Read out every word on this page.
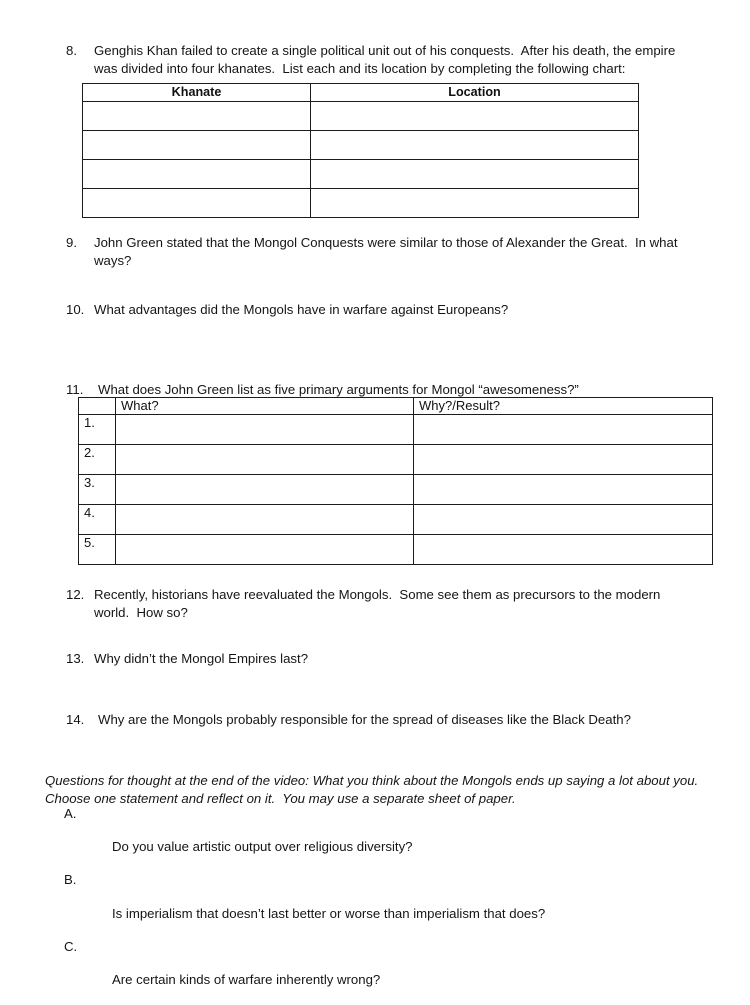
8.	Genghis Khan failed to create a single political unit out of his conquests.  After his death, the empire was divided into four khanates.  List each and its location by completing the following chart:
Khanate	Location

9.	John Green stated that the Mongol Conquests were similar to those of Alexander the Great.  In what ways?
10. What advantages did the Mongols have in warfare against Europeans?
11.	What does John Green list as five primary arguments for Mongol “awesomeness?”
	What?	Why?/Result?
1.		
2.		
3.		
4.		
5.		
12. Recently, historians have reevaluated the Mongols.  Some see them as precursors to the modern world.  How so?
13. Why didn’t the Mongol Empires last?
14.	Why are the Mongols probably responsible for the spread of diseases like the Black Death?
Questions for thought at the end of the video: What you think about the Mongols ends up saying a lot about you.  Choose one statement and reflect on it.  You may use a separate sheet of paper.

A.

Do you value artistic output over religious diversity?

B.

Is imperialism that doesn’t last better or worse than imperialism that does?

C.

Are certain kinds of warfare inherently wrong?
